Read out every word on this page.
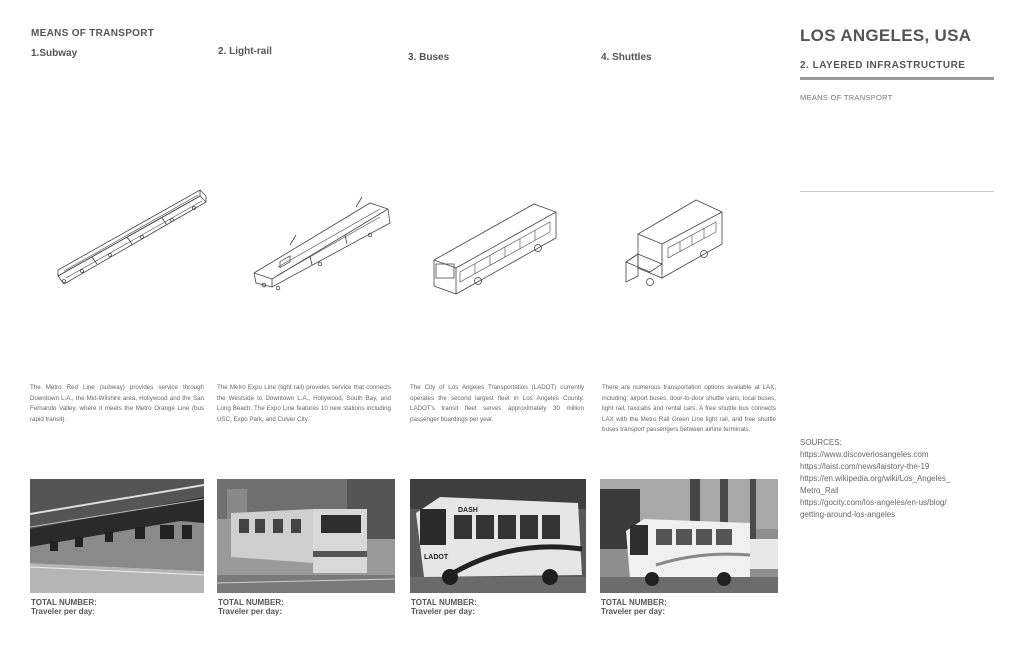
MEANS OF TRANSPORT
1.Subway	2. Light-rail
3. Buses	4. Shuttles
The Metro Red Line (subway) provides service through Downtown L.A., the Mid-Wilshire area, Hollywood and the San Fernando Valley, where it meets the Metro Orange Line (bus rapid transit).
The Metro Expo Line (light rail) provides service that connects the Westside to Downtown L.A., Hollywood, South Bay, and Long Beach. The Expo Line features 10 new stations including USC, Expo Park, and Culver City.
The City of Los Angeles Transportation (LADOT) currently operates the second largest fleet in Los Angeles County. LADOT's transit fleet serves approximately 30 million passenger boardings per year.
There are numerous transportation options available at LAX, including: airport buses, door-to-door shuttle vans, local buses, light rail, taxicabs and rental cars. A free shuttle bus connects LAX with the Metro Rail Green Line light rail, and free shuttle buses transport passengers between airline terminals.
DASH
LADOT
TOTAL NUMBER:
Traveler per day:
TOTAL NUMBER:
Traveler per day:
TOTAL NUMBER:
Traveler per day:
TOTAL NUMBER:
Traveler per day:
LOS ANGELES, USA
2. LAYERED INFRASTRUCTURE
MEANS OF TRANSPORT
SOURCES:
https://www.discoverlosangeles.com
https://laist.com/news/laistory-the-19
https://en.wikipedia.org/wiki/Los_Angeles_
Metro_Rail
https://gocity.com/los-angeles/en-us/blog/
getting-around-los-angeles
